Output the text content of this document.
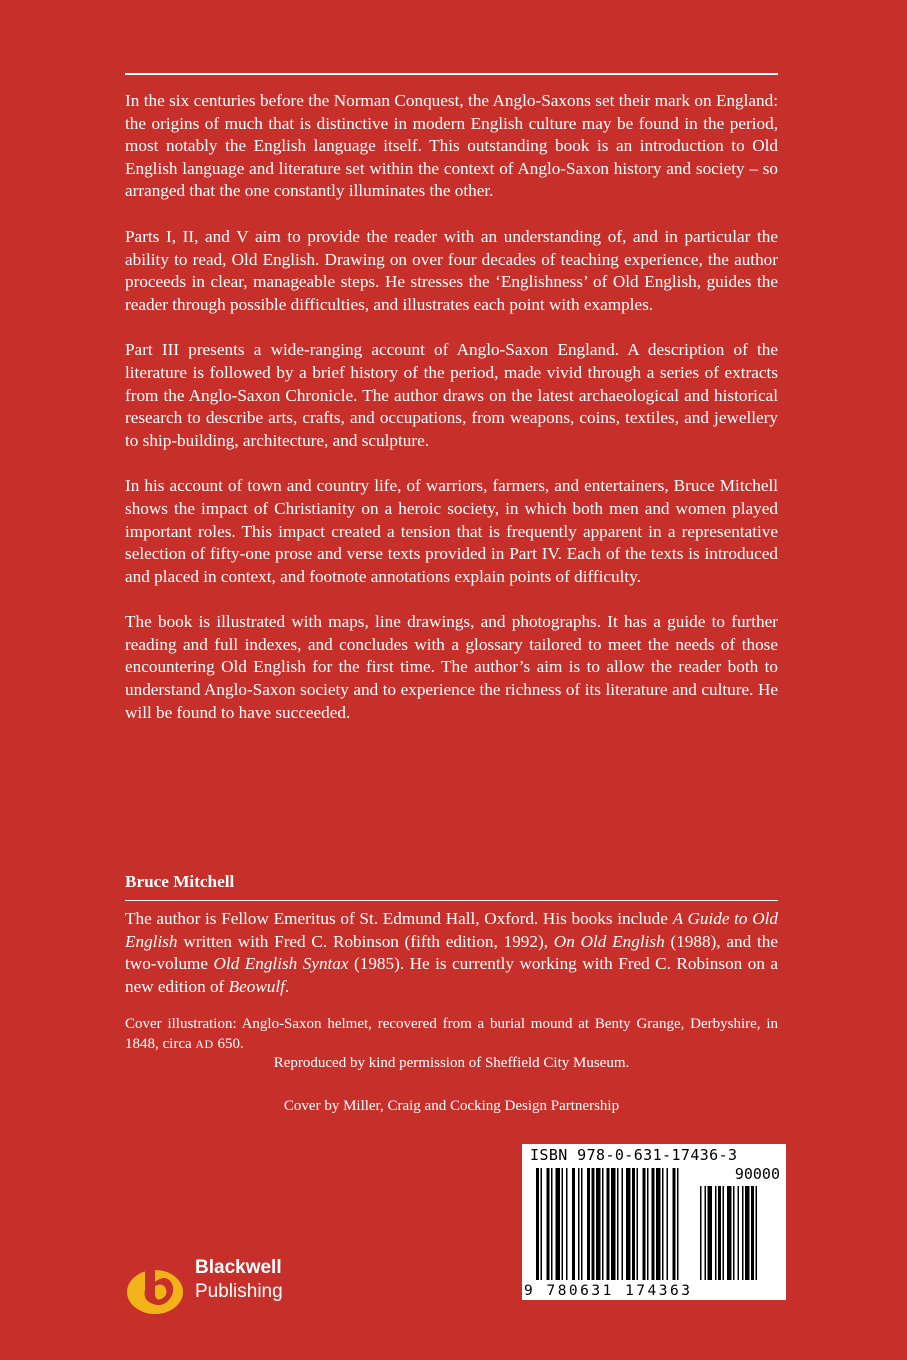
In the six centuries before the Norman Conquest, the Anglo-Saxons set their mark on England: the origins of much that is distinctive in modern English culture may be found in the period, most notably the English language itself. This outstanding book is an introduction to Old English language and literature set within the context of Anglo-Saxon history and society – so arranged that the one constantly illuminates the other.

Parts I, II, and V aim to provide the reader with an understanding of, and in particular the ability to read, Old English. Drawing on over four decades of teaching experience, the author proceeds in clear, manageable steps. He stresses the ‘Englishness’ of Old English, guides the reader through possible difficulties, and illustrates each point with examples.

Part III presents a wide-ranging account of Anglo-Saxon England. A description of the literature is followed by a brief history of the period, made vivid through a series of extracts from the Anglo-Saxon Chronicle. The author draws on the latest archaeological and historical research to describe arts, crafts, and occupations, from weapons, coins, textiles, and jewellery to ship-building, architecture, and sculpture.

In his account of town and country life, of warriors, farmers, and entertainers, Bruce Mitchell shows the impact of Christianity on a heroic society, in which both men and women played important roles. This impact created a tension that is frequently apparent in a representative selection of fifty-one prose and verse texts provided in Part IV. Each of the texts is introduced and placed in context, and footnote annotations explain points of difficulty.

The book is illustrated with maps, line drawings, and photographs. It has a guide to further reading and full indexes, and concludes with a glossary tailored to meet the needs of those encountering Old English for the first time. The author’s aim is to allow the reader both to understand Anglo-Saxon society and to experience the richness of its literature and culture. He will be found to have succeeded.

Bruce Mitchell
The author is Fellow Emeritus of St. Edmund Hall, Oxford. His books include A Guide to Old English written with Fred C. Robinson (fifth edition, 1992), On Old English (1988), and the two-volume Old English Syntax (1985). He is currently working with Fred C. Robinson on a new edition of Beowulf.
Cover illustration: Anglo-Saxon helmet, recovered from a burial mound at Benty Grange, Derbyshire, in 1848, circa AD 650.
Reproduced by kind permission of Sheffield City Museum.
Cover by Miller, Craig and Cocking Design Partnership
Blackwell
Publishing
ISBN 978-0-631-17436-3
90000
9 780631 174363
